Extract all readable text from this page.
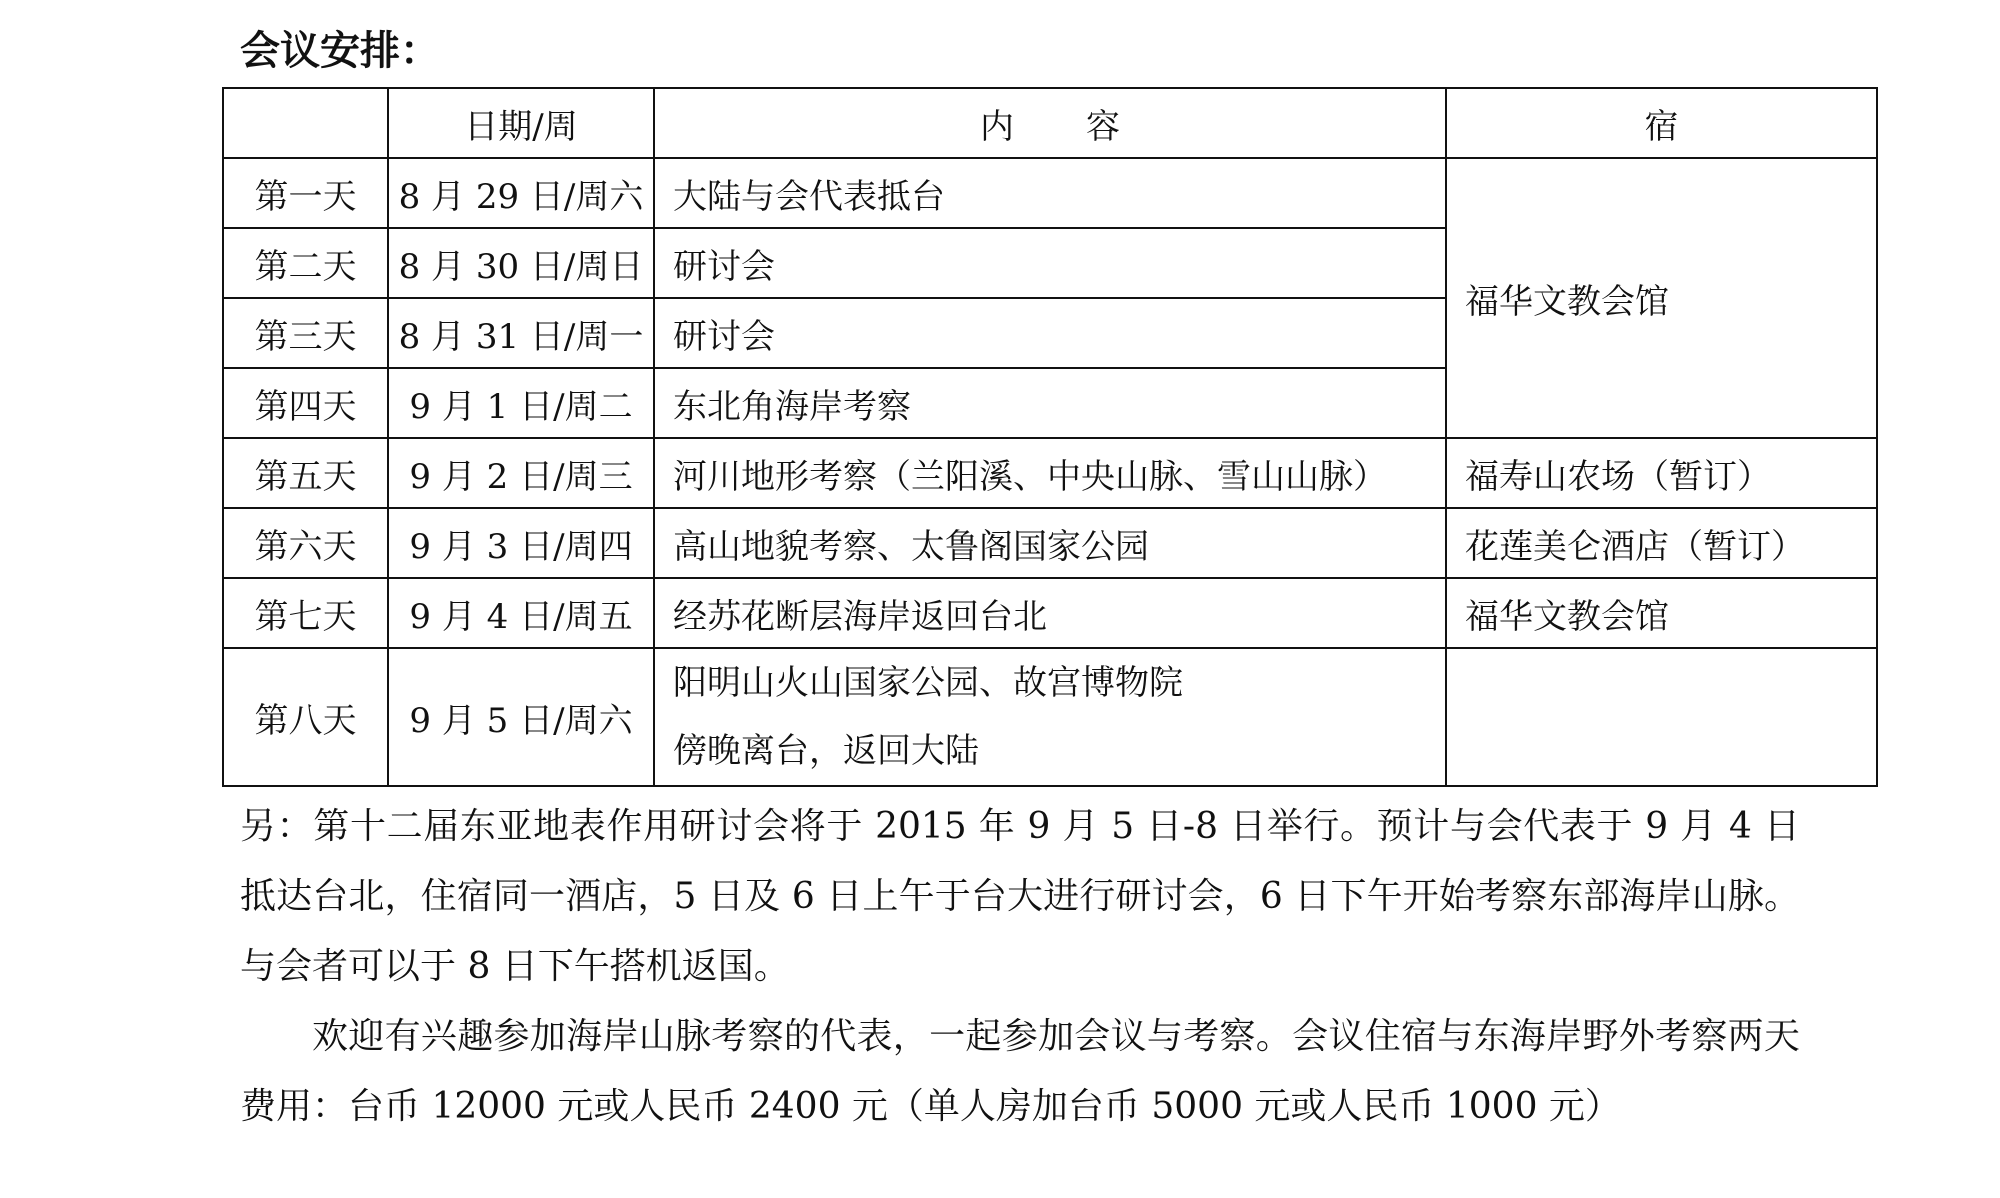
会议安排：
	日期/周	内 容	宿
第一天	8 月 29 日/周六	大陆与会代表抵台	福华文教会馆
第二天	8 月 30 日/周日	研讨会	
第三天	8 月 31 日/周一	研讨会	
第四天	9 月 1 日/周二	东北角海岸考察	
第五天	9 月 2 日/周三	河川地形考察（兰阳溪、中央山脉、雪山山脉）	福寿山农场（暂订）
第六天	9 月 3 日/周四	高山地貌考察、太鲁阁国家公园	花莲美仑酒店（暂订）
第七天	9 月 4 日/周五	经苏花断层海岸返回台北	福华文教会馆
第八天	9 月 5 日/周六	阳明山火山国家公园、故宫博物院
傍晚离台，返回大陆	

另：第十二届东亚地表作用研讨会将于 2015 年 9 月 5 日-8 日举行。预计与会代表于 9 月 4 日抵达台北，住宿同一酒店，5 日及 6 日上午于台大进行研讨会，6 日下午开始考察东部海岸山脉。与会者可以于 8 日下午搭机返国。

欢迎有兴趣参加海岸山脉考察的代表，一起参加会议与考察。会议住宿与东海岸野外考察两天费用：台币 12000 元或人民币 2400 元（单人房加台币 5000 元或人民币 1000 元）
